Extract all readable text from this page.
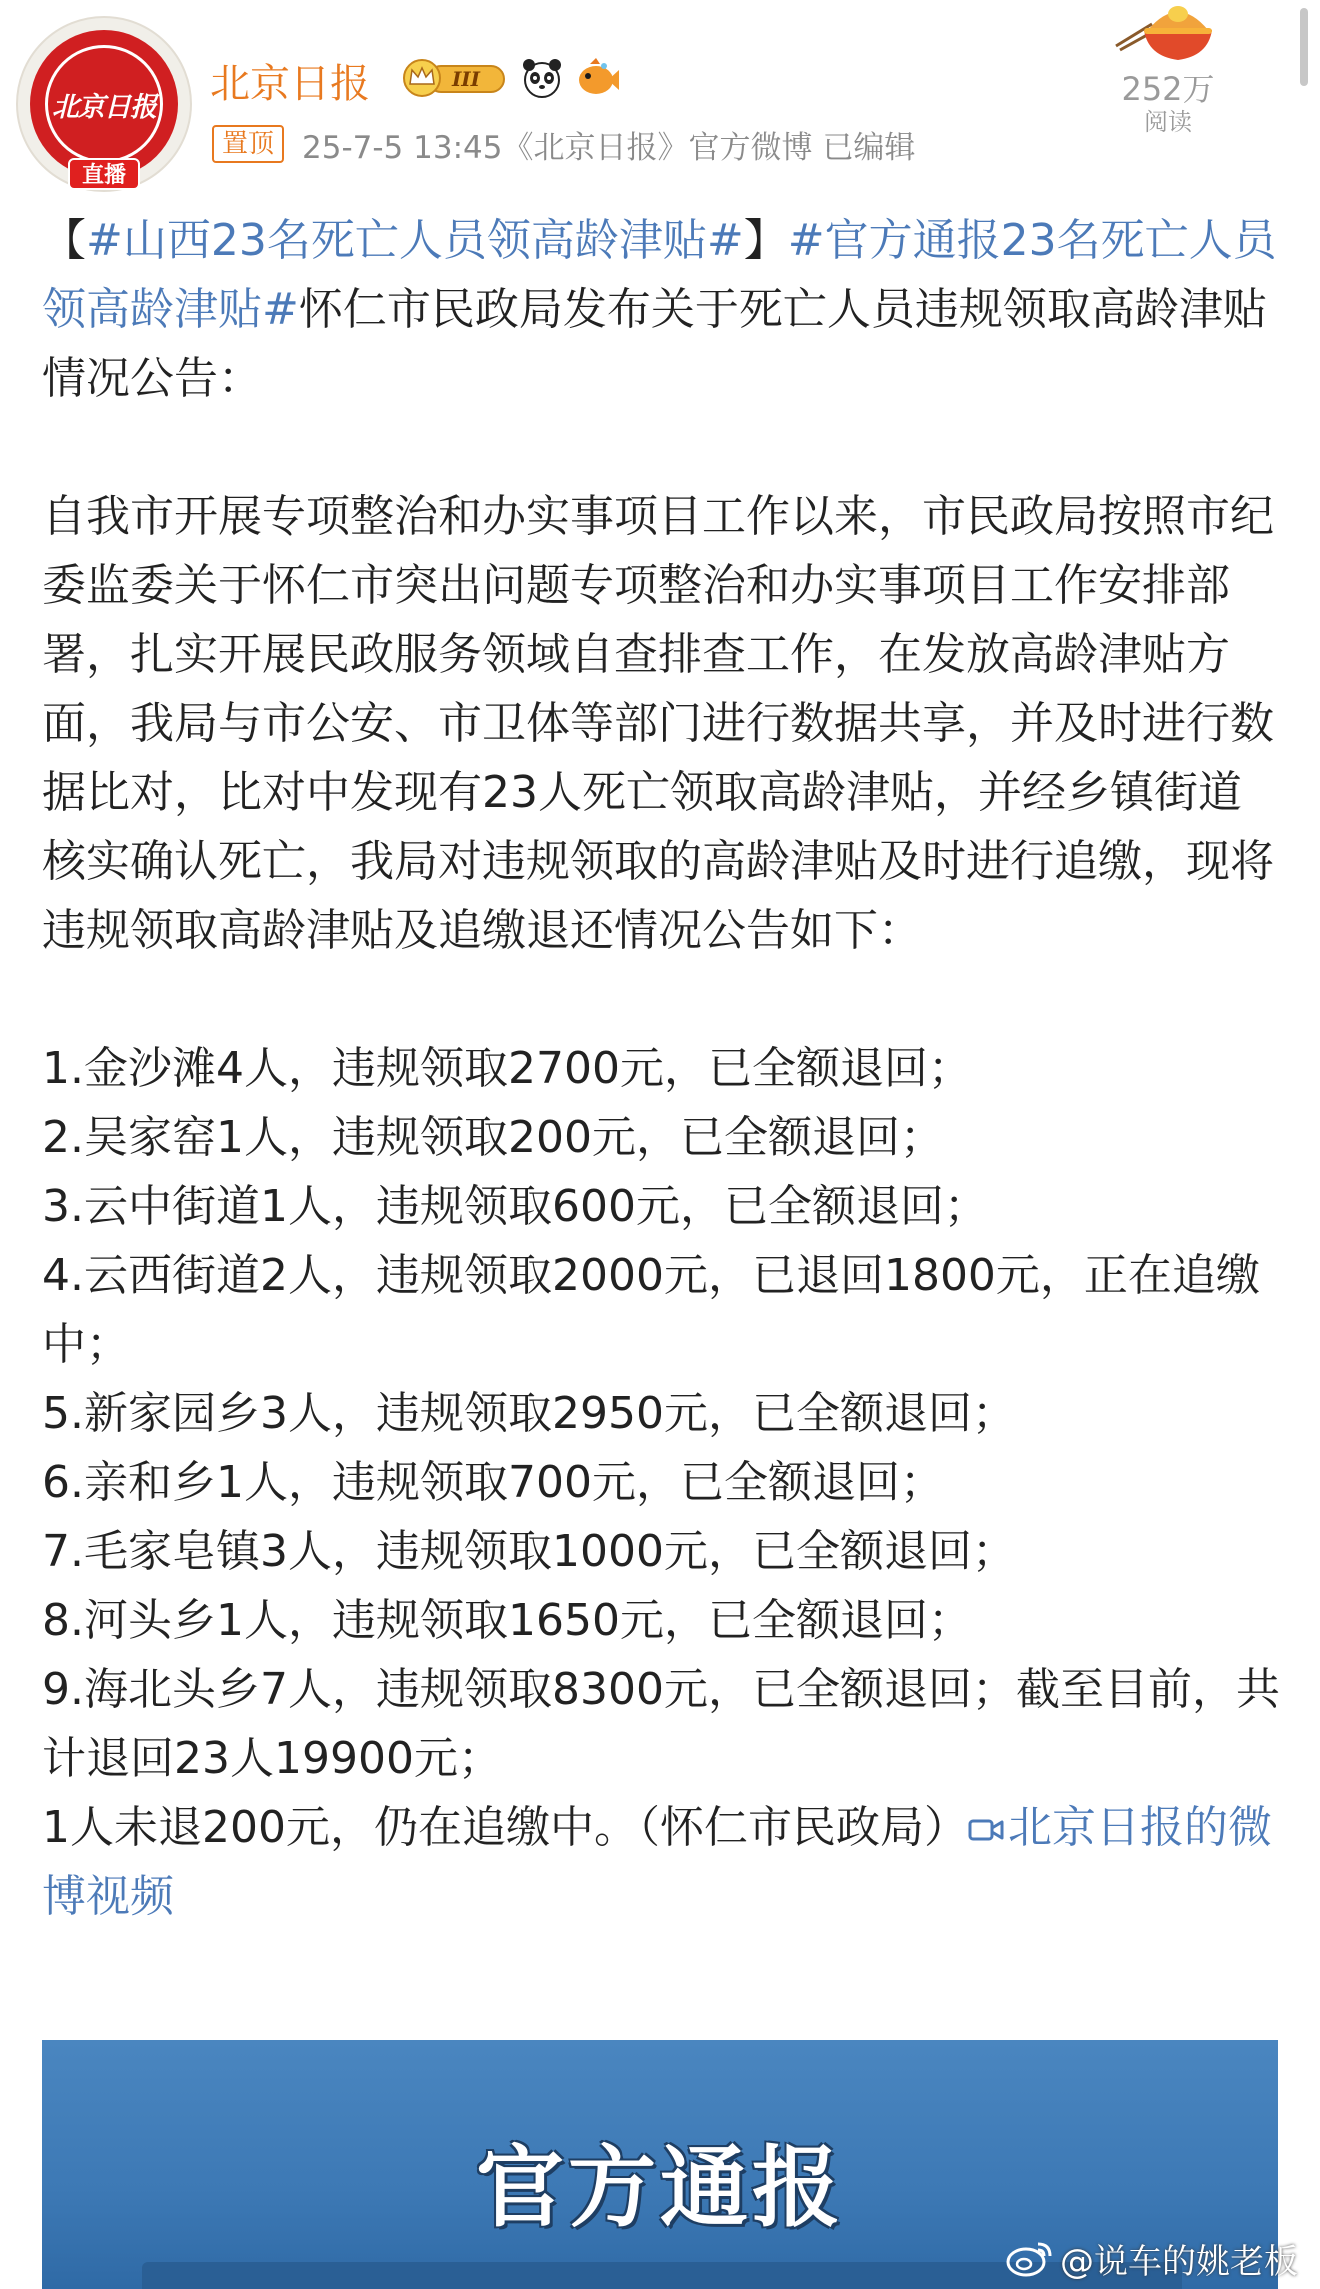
北京日报
直播
北京日报	III
置顶 25-7-5 13:45《北京日报》官方微博 已编辑
252万
阅读

【#山西23名死亡人员领高龄津贴#】#官方通报23名死亡人员领高龄津贴#怀仁市民政局发布关于死亡人员违规领取高龄津贴情况公告：

自我市开展专项整治和办实事项目工作以来，市民政局按照市纪委监委关于怀仁市突出问题专项整治和办实事项目工作安排部署，扎实开展民政服务领域自查排查工作，在发放高龄津贴方面，我局与市公安、市卫体等部门进行数据共享，并及时进行数据比对，比对中发现有23人死亡领取高龄津贴，并经乡镇街道核实确认死亡，我局对违规领取的高龄津贴及时进行追缴，现将违规领取高龄津贴及追缴退还情况公告如下：

1.金沙滩4人，违规领取2700元，已全额退回；

2.吴家窑1人，违规领取200元，已全额退回；

3.云中街道1人，违规领取600元，已全额退回；

4.云西街道2人，违规领取2000元，已退回1800元，正在追缴中；

5.新家园乡3人，违规领取2950元，已全额退回；

6.亲和乡1人，违规领取700元，已全额退回；

7.毛家皂镇3人，违规领取1000元，已全额退回；

8.河头乡1人，违规领取1650元，已全额退回；

9.海北头乡7人，违规领取8300元，已全额退回；截至目前，共计退回23人19900元；

1人未退200元，仍在追缴中。（怀仁市民政局） 北京日报的微博视频

官方通报
@说车的姚老板
